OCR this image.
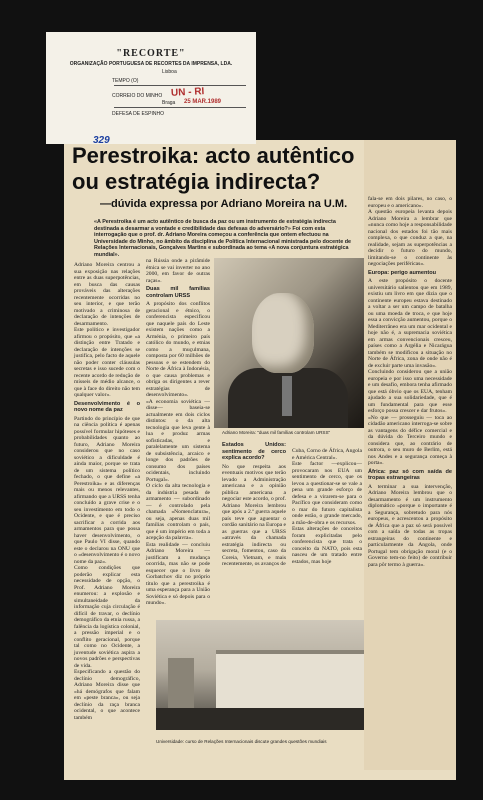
"RECORTE"
ORGANIZAÇÃO PORTUGUESA DE RECORTES DA IMPRENSA, LDA.
Lisboa
TEMPO (O)
CORREIO DO MINHO
Braga
DEFESA DE ESPINHO
UN - RI
25 MAR.1989
329
Perestroika: acto autêntico ou estratégia indirecta?
—dúvida expressa por Adriano Moreira na U.M.
«A Perestroika é um acto autêntico de busca da paz ou um instrumento de estratégia indirecta destinada a desarmar a vontade e credibilidade das defesas do adversário?» Foi com esta interrogação que o prof. dr. Adriano Moreira começou a conferência que ontem efectuou na Universidade do Minho, no âmbito da disciplina de Política Internacional ministrada pelo docente de Relações Internacionais, Gonçalves Martins e subordinada ao tema «A nova conjuntura estratégica mundial».
Adriano Moreira centrou a sua exposição nas relações entre as duas superpotências, em busca das causas prováveis das alterações recentemente ocorridas no seu interior, e que terão motivado a criminosa de declaração de intenções de desarmamento.
Este político e investigador afirmou o propósito, que «a distinção entre Tratado e declaração de intenções se justifica, pelo facto de aquele não poder conter cláusulas secretas e isso sucede com o recente acordo de redução de mísseis de médio alcance, o que à face do direito não tem qualquer valor».
Desenvolvimento é o novo nome da paz
Partindo do princípio de que na ciência política é apenas possível formular hipóteses e probabilidades quanto ao futuro, Adriano Moreira considerou que no caso soviético a dificuldade é ainda maior, porque se trata de um sistema político fechado, o que define «a Perestroika» e as diferenças mais ou menos relevantes, afirmando que a URSS tenha concluído a grave crise e o seu investimento em todo o Ocidente, e que é preciso sacrificar a corrida aos armamentos para que possa haver desenvolvimento, o que Paulo VI disse, quando este o declarou na ONU que o «desenvolvimento é o novo nome da paz».
Como condições que poderão explicar esta necessidade de opção, o Prof. Adriano Moreira enumerou: a explosão e simultaneidade da informação cuja circulação é difícil de travar, o declínio demográfico da etnia russa, a falência da logística colonial, a pressão imperial e o conflito geracional, porque tal como no Ocidente, a juventude soviética aspira a novos padrões e perspectivas de vida.
Especificando a questão do declínio demográfico, Adriano Moreira disse que «há demógrafos que falam em «peste branca», ou seja declínio da raça branca ocidental, o que acontece também
na Rússia onde a pirâmide étnica se vai inverter no ano 2000, em favor de outras raças».
Duas mil famílias controlam URSS
A propósito dos conflitos geracional e étnico, o conferencista especificou que naquele país do Leste existem nações como a Arménia, o primeiro país católico do mundo, e etnias como a muçulmana, composta por 60 milhões de pessoas e se estendem do Norte de África à Indonésia, o que causa problemas e obriga os dirigentes a rever estratégias de desenvolvimento».
«A economia soviética —disse— baseia-se actualmente em dois ciclos distintos: o da alta tecnologia que leva gente à lua e produz armas sofisticadas, e paralelamente um sistema de subsistência, arcaico e longe dos padrões de consumo dos países ocidentais, incluindo Portugal».
O ciclo da alta tecnologia e da indústria pesada de armamento — subordinado — é controlado pela chamada «Nomenclatura», ou seja, apenas duas mil famílias controlam o país, que é um império em toda a acepção da palavra».
Esta realidade — concluiu Adriano Moreira — justificam a mudança ocorrida, mas não se pode esquecer que o livro de Gorbatchov diz no próprio título que a perestroika é uma esperança para a União Soviética e só depois para o mundo».
Adriano Moreira: "duas mil famílias controlam URSS"
Estados Unidos: sentimento de cerco explica acordo?
No que respeita aos eventuais motivos que terão levado a Administração americana e a opinião pública americana a negociar este acordo, o prof. Adriano Moreira lembrou que após a 2.ª guerra aquele país teve que aguentar o cordão sanitário na Europa e as guerras que a URSS «através da chamada estratégia indirecta ou secreta, fomentou, caso da Coreia, Vietnam, e mais recentemente, os avanços de
Cuba, Corno de África, Angola e América Central».
Este factor —explicou— provocaram nos EUA um sentimento de cerco, que os levou a questionar-se se vale a pena um grande esforço de defesa e a virarem-se para o Pacífico que consideram como o mar do futuro capitalista onde estão, o grande mercado, a mão-de-obra e os recursos.
Estas alterações de conceitos foram explicitadas pelo conferencista que trata o conceito da NATO, pois esta nasceu de um tratado entre estados, mas hoje
fala-se em dois pilares, no caso, o europeu e o americano».
A questão europeia levanta depois Adriano Moreira a lembrar que «nunca como hoje a responsabilidade nacional dos estados foi tão mais complexa, o que conduz a que, na realidade, sejam as superpotências a decidir o futuro do mundo, limitando-se o continente às negociações periféricas».
Europa: perigo aumentou
A este propósito o docente universitário salientou que em 1989, existiu um livro em que dizia que o continente europeu estava destinado a voltar a ser um campo de batalha ou uma moeda de troca, e que hoje essa a convicção aumentou, porque o Mediterrâneo era um mar ocidental e hoje não é, a supremacia soviética em armas convencionais cresceu, países como a Argélia e Nicarágua também se modificou a situação no Norte de África, zona de onde não é de excluir parte uma invasão».
Concluindo considerou que a união europeia e por isso uma necessidade e um desafio, embora tenha afirmado que está óbvio que os EUA, tenham ajudado a sua solidariedade, que é um fundamental para que esse esforço possa crescer e dar frutos».
«No que — prosseguiu — toca ao cidadão americano interroga-se sobre as vantagens do défice comercial e da dúvida do Terceiro mundo e considera que, ao contrário de outrora, o seu muro de Berlim, está nos Andes e a segurança começa à porta».
África: paz só com saída de tropas estrangeiras
A terminar a sua intervenção, Adriano Moreira lembrou que o desarmamento é um instrumento diplomático «porque o importante é a Segurança, sobretudo para nós europeus, e acrescentou a propósito de África que a paz só será possível com a saída de todas as tropas estrangeiras do continente e particularmente da Angola, onde Portugal tem obrigação moral (e o Governo tem-no feito) de contribuir para pôr termo à guerra».
Universidade: curso de Relações Internacionais discute grandes questões mundiais
